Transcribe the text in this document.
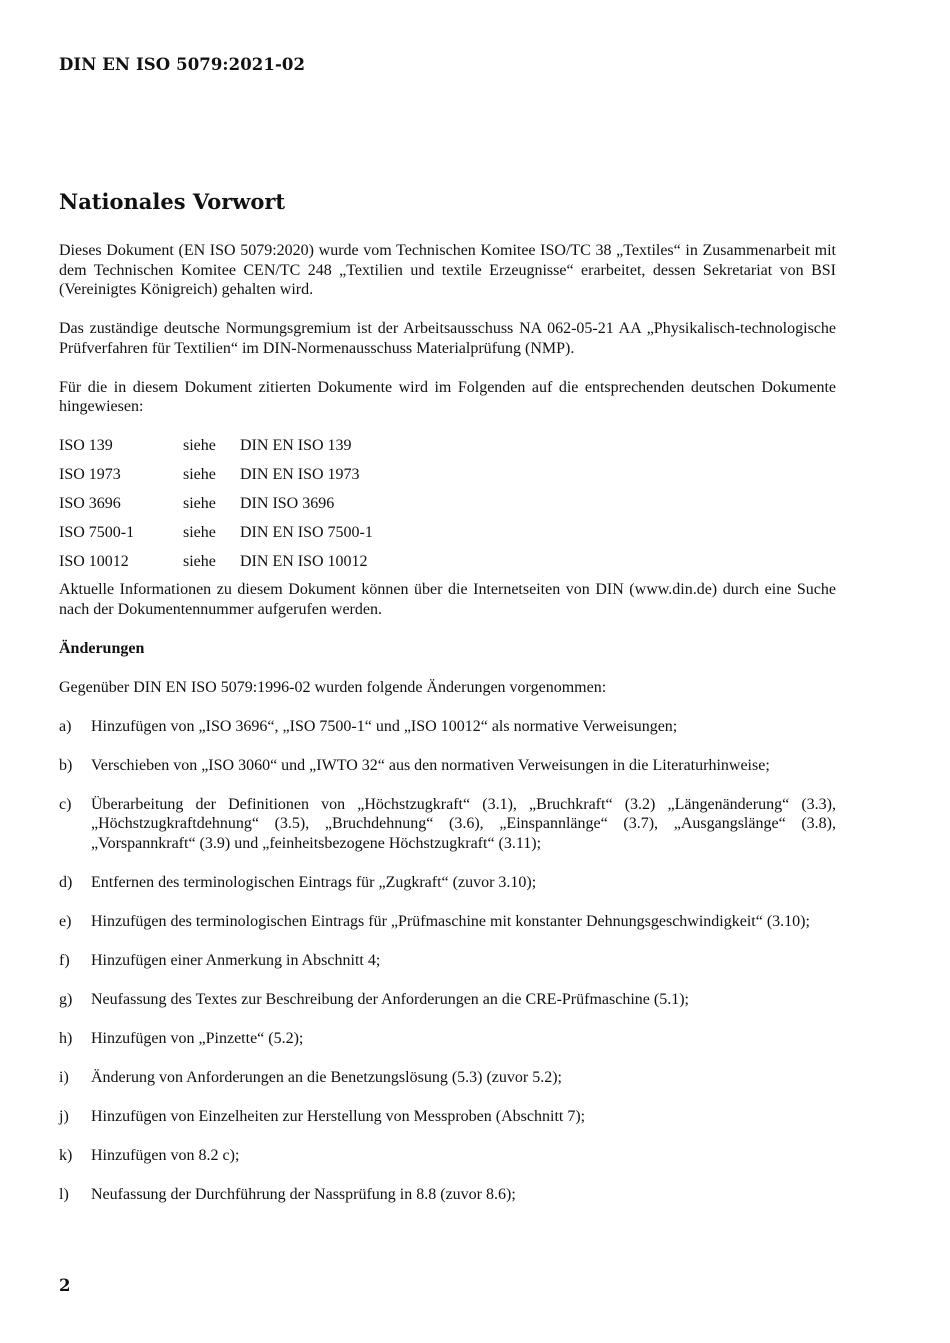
DIN EN ISO 5079:2021-02
Nationales Vorwort

Dieses Dokument (EN ISO 5079:2020) wurde vom Technischen Komitee ISO/TC 38 „Textiles“ in Zusammenarbeit mit dem Technischen Komitee CEN/TC 248 „Textilien und textile Erzeugnisse“ erarbeitet, dessen Sekretariat von BSI (Vereinigtes Königreich) gehalten wird.

Das zuständige deutsche Normungsgremium ist der Arbeitsausschuss NA 062-05-21 AA „Physikalisch-technologische Prüfverfahren für Textilien“ im DIN-Normenausschuss Materialprüfung (NMP).

Für die in diesem Dokument zitierten Dokumente wird im Folgenden auf die entsprechenden deutschen Dokumente hingewiesen:

ISO 139	siehe	DIN EN ISO 139
ISO 1973	siehe	DIN EN ISO 1973
ISO 3696	siehe	DIN ISO 3696
ISO 7500-1	siehe	DIN EN ISO 7500-1
ISO 10012	siehe	DIN EN ISO 10012

Aktuelle Informationen zu diesem Dokument können über die Internetseiten von DIN (www.din.de) durch eine Suche nach der Dokumentennummer aufgerufen werden.

Änderungen
Gegenüber DIN EN ISO 5079:1996-02 wurden folgende Änderungen vorgenommen:
a)	Hinzufügen von „ISO 3696“, „ISO 7500-1“ und „ISO 10012“ als normative Verweisungen;
b)	Verschieben von „ISO 3060“ und „IWTO 32“ aus den normativen Verweisungen in die Literaturhinweise;
c)	Überarbeitung der Definitionen von „Höchstzugkraft“ (3.1), „Bruchkraft“ (3.2) „Längenänderung“ (3.3), „Höchstzugkraftdehnung“ (3.5), „Bruchdehnung“ (3.6), „Einspannlänge“ (3.7), „Ausgangslänge“ (3.8), „Vorspannkraft“ (3.9) und „feinheitsbezogene Höchstzugkraft“ (3.11);
d)	Entfernen des terminologischen Eintrags für „Zugkraft“ (zuvor 3.10);
e)	Hinzufügen des terminologischen Eintrags für „Prüfmaschine mit konstanter Dehnungsgeschwindigkeit“ (3.10);
f)	Hinzufügen einer Anmerkung in Abschnitt 4;
g)	Neufassung des Textes zur Beschreibung der Anforderungen an die CRE-Prüfmaschine (5.1);
h)	Hinzufügen von „Pinzette“ (5.2);
i)	Änderung von Anforderungen an die Benetzungslösung (5.3) (zuvor 5.2);
j)	Hinzufügen von Einzelheiten zur Herstellung von Messproben (Abschnitt 7);
k)	Hinzufügen von 8.2 c);
l)	Neufassung der Durchführung der Nassprüfung in 8.8 (zuvor 8.6);
2
